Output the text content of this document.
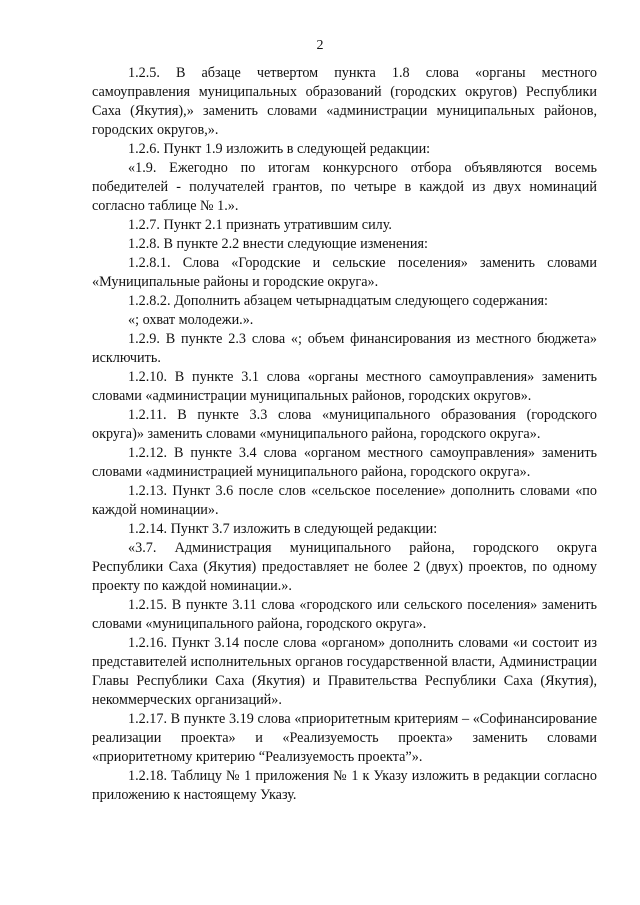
2

1.2.5. В абзаце четвертом пункта 1.8 слова «органы местного самоуправления муниципальных образований (городских округов) Республики Саха (Якутия),» заменить словами «администрации муниципальных районов, городских округов,».

1.2.6. Пункт 1.9 изложить в следующей редакции:

«1.9. Ежегодно по итогам конкурсного отбора объявляются восемь победителей - получателей грантов, по четыре в каждой из двух номинаций согласно таблице № 1.».

1.2.7. Пункт 2.1 признать утратившим силу.

1.2.8. В пункте 2.2 внести следующие изменения:

1.2.8.1. Слова «Городские и сельские поселения» заменить словами «Муниципальные районы и городские округа».

1.2.8.2. Дополнить абзацем четырнадцатым следующего содержания:

«; охват молодежи.».

1.2.9. В пункте 2.3 слова «; объем финансирования из местного бюджета» исключить.

1.2.10. В пункте 3.1 слова «органы местного самоуправления» заменить словами «администрации муниципальных районов, городских округов».

1.2.11. В пункте 3.3 слова «муниципального образования (городского округа)» заменить словами «муниципального района, городского округа».

1.2.12. В пункте 3.4 слова «органом местного самоуправления» заменить словами «администрацией муниципального района, городского округа».

1.2.13. Пункт 3.6 после слов «сельское поселение» дополнить словами «по каждой номинации».

1.2.14. Пункт 3.7 изложить в следующей редакции:

«3.7. Администрация муниципального района, городского округа Республики Саха (Якутия) предоставляет не более 2 (двух) проектов, по одному проекту по каждой номинации.».

1.2.15. В пункте 3.11 слова «городского или сельского поселения» заменить словами «муниципального района, городского округа».

1.2.16. Пункт 3.14 после слова «органом» дополнить словами «и состоит из представителей исполнительных органов государственной власти, Администрации Главы Республики Саха (Якутия) и Правительства Республики Саха (Якутия), некоммерческих организаций».

1.2.17. В пункте 3.19 слова «приоритетным критериям – «Софинансирование реализации проекта» и «Реализуемость проекта» заменить словами «приоритетному критерию “Реализуемость проекта”».

1.2.18. Таблицу № 1 приложения № 1 к Указу изложить в редакции согласно приложению к настоящему Указу.
